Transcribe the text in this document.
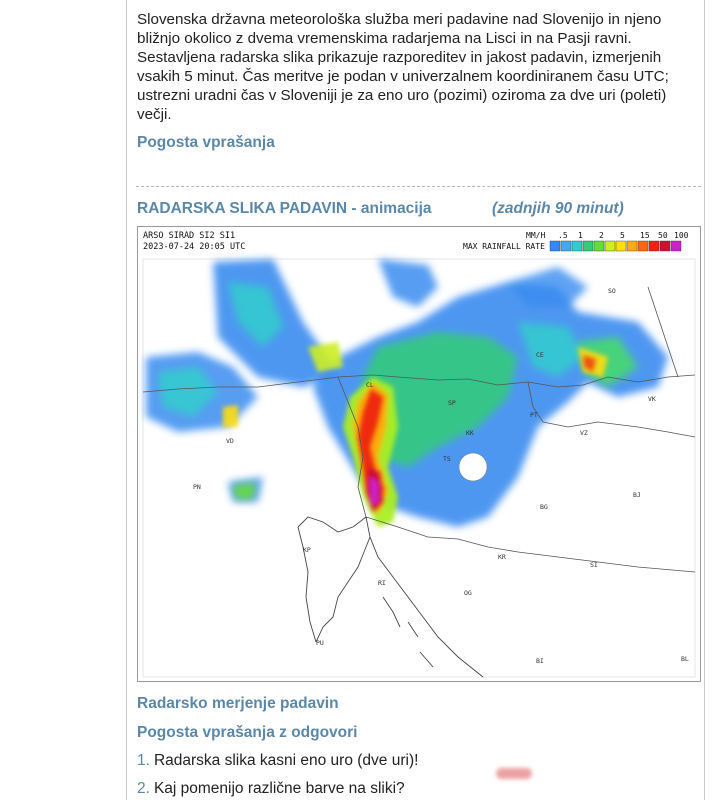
Slovenska državna meteorološka služba meri padavine nad Slovenijo in njeno bližnjo okolico z dvema vremenskima radarjema na Lisci in na Pasji ravni. Sestavljena radarska slika prikazuje razporeditev in jakost padavin, izmerjenih vsakih 5 minut. Čas meritve je podan v univerzalnem koordiniranem času UTC; ustrezni uradni čas v Sloveniji je za eno uro (pozimi) oziroma za dve uri (poleti) večji.

Pogosta vprašanja
RADARSKA SLIKA PADAVIN - animacija	(zadnjih 90 minut)
ARSO SIRAD SI2 SI1
2023-07-24 20:05 UTC
MM/H
MAX RAINFALL RATE
.5 1 2 5 15 50 100
SO
VK
PT
CE
CL
SP
KK	VZ
VD
PN
TS
BJ
BG
KP
RI
KR
SI
OG
PU
BI	BL
Radarsko merjenje padavin
Pogosta vprašanja z odgovori
1. Radarska slika kasni eno uro (dve uri)!
2. Kaj pomenijo različne barve na sliki?
